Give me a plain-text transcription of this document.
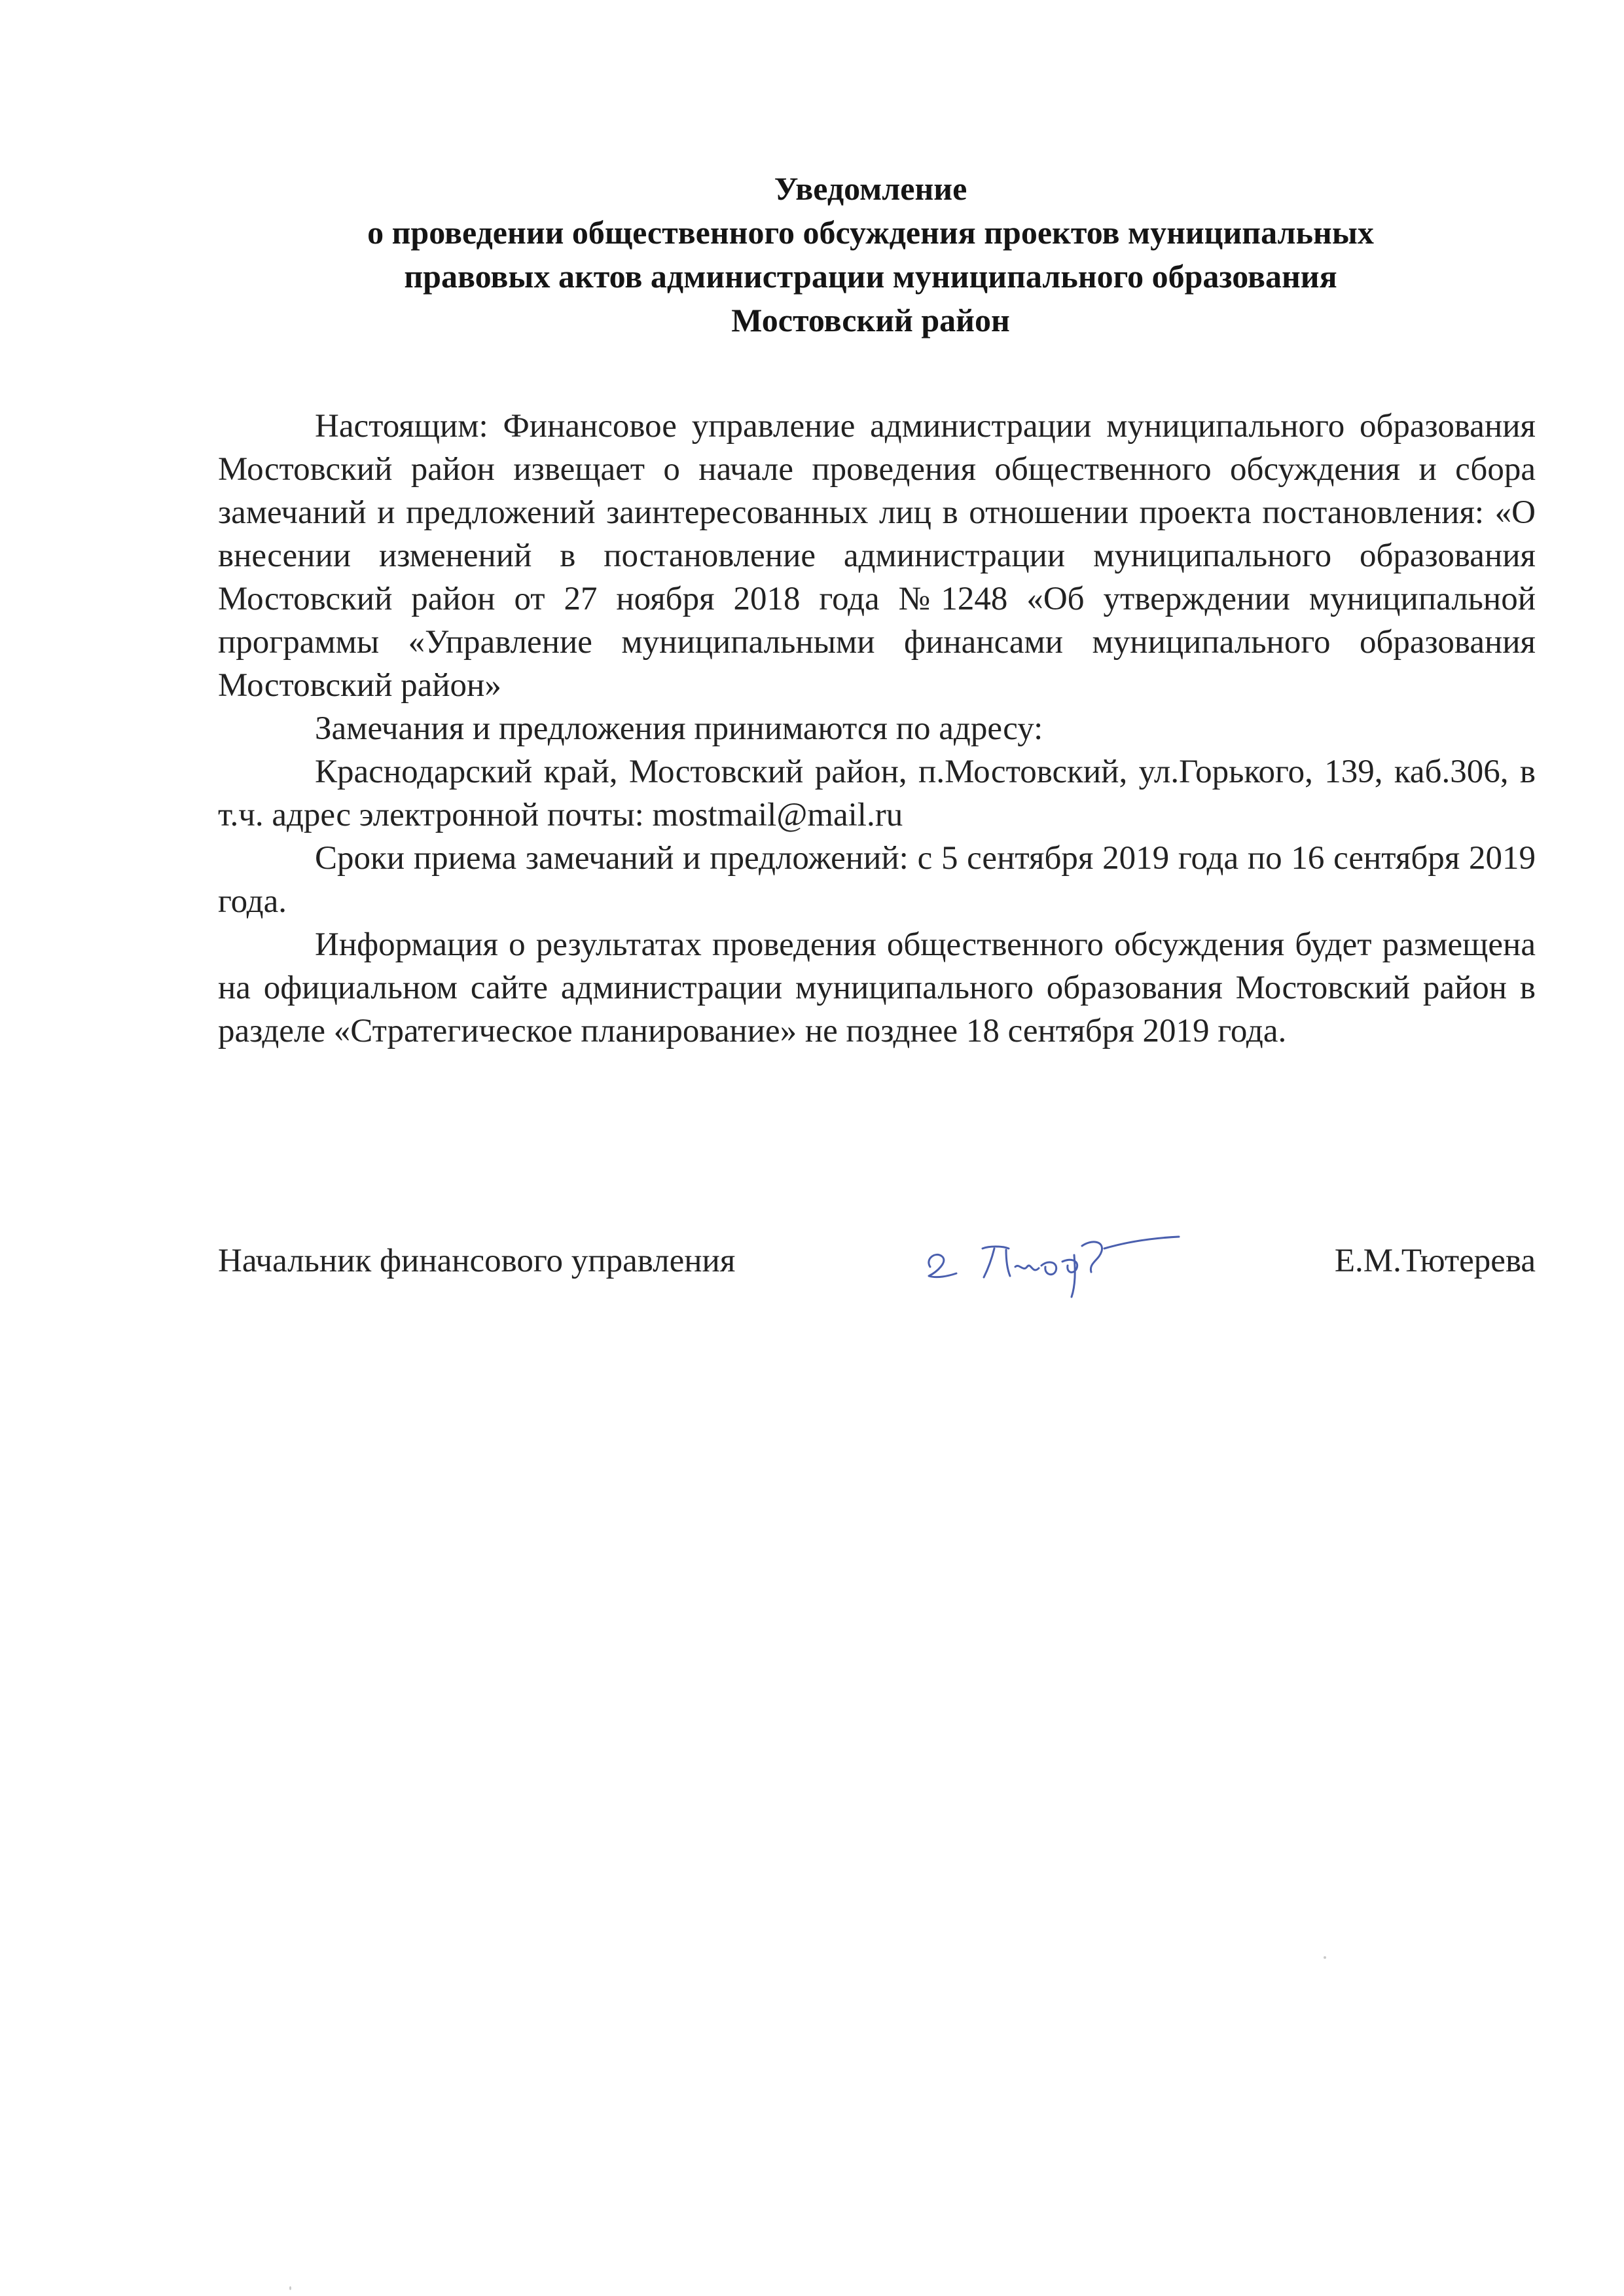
Уведомление
о проведении общественного обсуждения проектов муниципальных
правовых актов администрации муниципального образования
Мостовский район

Настоящим: Финансовое управление администрации муниципального образования Мостовский район извещает о начале проведения общественного обсуждения и сбора замечаний и предложений заинтересованных лиц в отношении проекта постановления: «О внесении изменений в постановление администрации муниципального образования Мостовский район от 27 ноября 2018 года №1248 «Об утверждении муниципальной программы «Управление муниципальными финансами муниципального образования Мостовский район»

Замечания и предложения принимаются по адресу:

Краснодарский край, Мостовский район, п.Мостовский, ул.Горького, 139, каб.306, в т.ч. адрес электронной почты: mostmail@mail.ru

Сроки приема замечаний и предложений: с 5 сентября 2019 года по 16 сентября 2019 года.

Информация о результатах проведения общественного обсуждения будет размещена на официальном сайте администрации муниципального образования Мостовский район в разделе «Стратегическое планирование» не позднее 18 сентября 2019 года.

Начальник финансового управления	Е.М.Тютерева
